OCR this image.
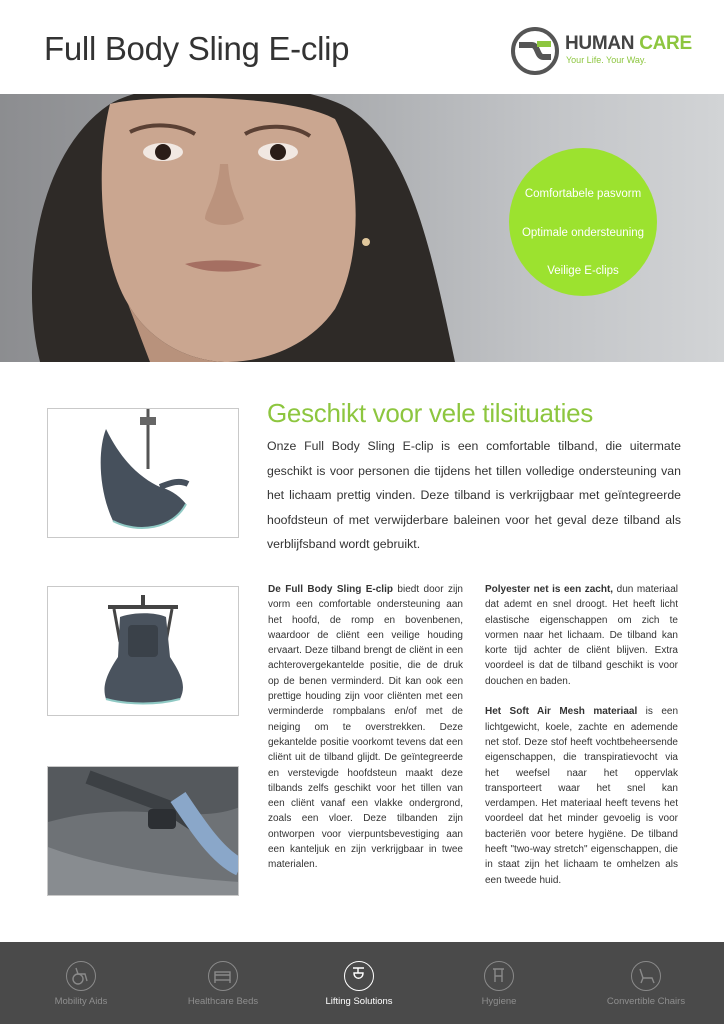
Full Body Sling E-clip	HUMAN CARE
Your Life. Your Way.
Comfortabele pasvorm
Optimale ondersteuning
Veilige E-clips
Geschikt voor vele tilsituaties
Onze Full Body Sling E-clip is een comfortable tilband, die uitermate geschikt is voor personen die tijdens het tillen volledige ondersteuning van het lichaam prettig vinden. Deze tilband is verkrijgbaar met geïntegreerde hoofdsteun of met verwijderbare baleinen voor het geval deze tilband als verblijfsband wordt gebruikt.

De Full Body Sling E-clip biedt door zijn vorm een comfortable ondersteuning aan het hoofd, de romp en bovenbenen, waardoor de cliënt een veilige houding ervaart. Deze tilband brengt de cliënt in een achterovergekantelde positie, die de druk op de benen verminderd. Dit kan ook een prettige houding zijn voor cliënten met een verminderde rompbalans en/of met de neiging om te overstrekken. Deze gekantelde positie voorkomt tevens dat een cliënt uit de tilband glijdt. De geïntegreerde en verstevigde hoofdsteun maakt deze tilbands zelfs geschikt voor het tillen van een cliënt vanaf een vlakke ondergrond, zoals een vloer. Deze tilbanden zijn ontworpen voor vierpuntsbevestiging aan een kanteljuk en zijn verkrijgbaar in twee materialen.

Polyester net is een zacht, dun materiaal dat ademt en snel droogt. Het heeft licht elastische eigenschappen om zich te vormen naar het lichaam. De tilband kan korte tijd achter de cliënt blijven. Extra voordeel is dat de tilband geschikt is voor douchen en baden.

Het Soft Air Mesh materiaal is een lichtgewicht, koele, zachte en ademende net stof. Deze stof heeft vochtbeheersende eigenschappen, die transpiratievocht via het weefsel naar het oppervlak transporteert waar het snel kan verdampen. Het materiaal heeft tevens het voordeel dat het minder gevoelig is voor bacteriën voor betere hygiëne. De tilband heeft "two-way stretch" eigenschappen, die in staat zijn het lichaam te omhelzen als een tweede huid.

Mobility Aids	Healthcare Beds	Lifting Solutions	Hygiene	Convertible Chairs
